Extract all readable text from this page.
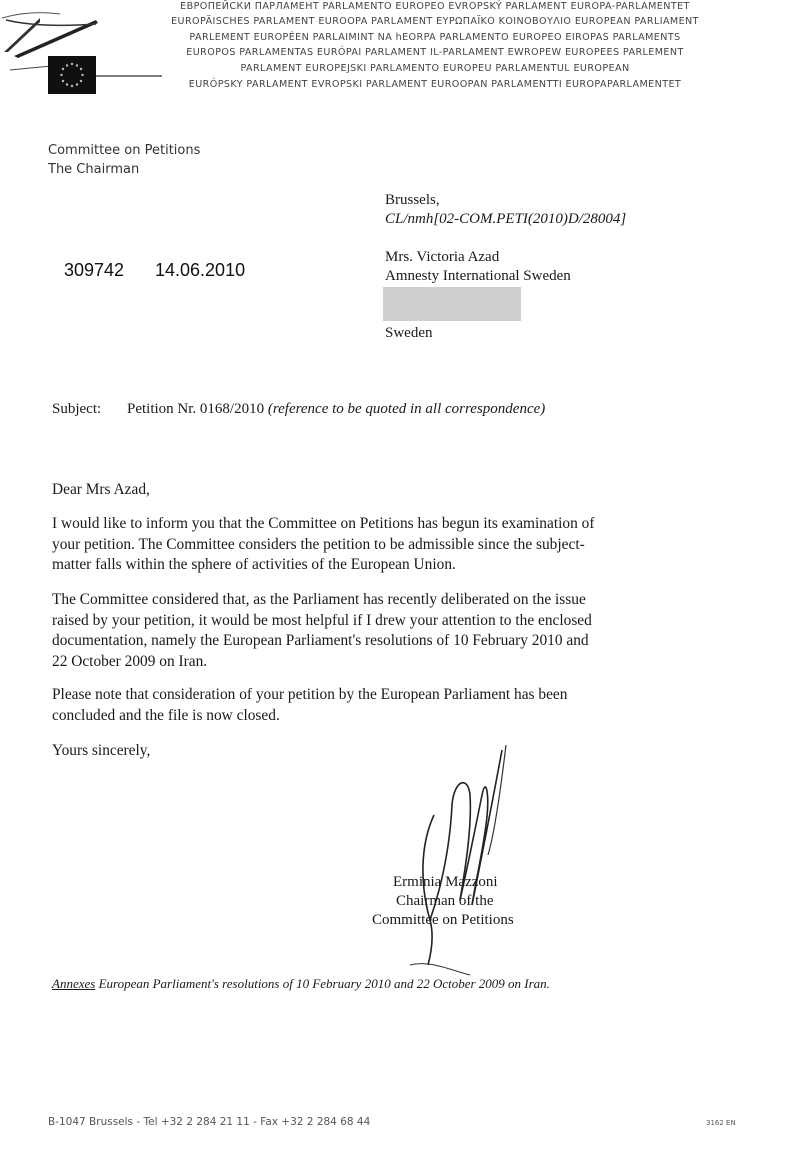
ЕВРОПЕЙСКИ ПАРЛАМЕНТ PARLAMENTO EUROPEO EVROPSKÝ PARLAMENT EUROPA-PARLAMENTET
EUROPÄISCHES PARLAMENT EUROOPA PARLAMENT ΕΥΡΩΠΑΪΚΟ ΚΟΙΝΟΒΟΥΛΙΟ EUROPEAN PARLIAMENT
PARLEMENT EUROPÉEN PARLAIMINT NA hEORPA PARLAMENTO EUROPEO EIROPAS PARLAMENTS
EUROPOS PARLAMENTAS EURÓPAI PARLAMENT IL-PARLAMENT EWROPEW EUROPEES PARLEMENT
PARLAMENT EUROPEJSKI PARLAMENTO EUROPEU PARLAMENTUL EUROPEAN
EURÓPSKY PARLAMENT EVROPSKI PARLAMENT EUROOPAN PARLAMENTTI EUROPAPARLAMENTET
Committee on Petitions
The Chairman
Brussels,
CL/nmh[02-COM.PETI(2010)D/28004]
309742 14.06.2010
Mrs. Victoria Azad
Amnesty International Sweden
Sweden
Subject: Petition Nr. 0168/2010 (reference to be quoted in all correspondence)
Dear Mrs Azad,
I would like to inform you that the Committee on Petitions has begun its examination of
your petition. The Committee considers the petition to be admissible since the subject-
matter falls within the sphere of activities of the European Union.
The Committee considered that, as the Parliament has recently deliberated on the issue
raised by your petition, it would be most helpful if I drew your attention to the enclosed
documentation, namely the European Parliament's resolutions of 10 February 2010 and
22 October 2009 on Iran.
Please note that consideration of your petition by the European Parliament has been
concluded and the file is now closed.
Yours sincerely,
Erminia Mazzoni
Chairman of the
Committee on Petitions
Annexes European Parliament's resolutions of 10 February 2010 and 22 October 2009 on Iran.
B-1047 Brussels - Tel +32 2 284 21 11 - Fax +32 2 284 68 44	3162 EN
